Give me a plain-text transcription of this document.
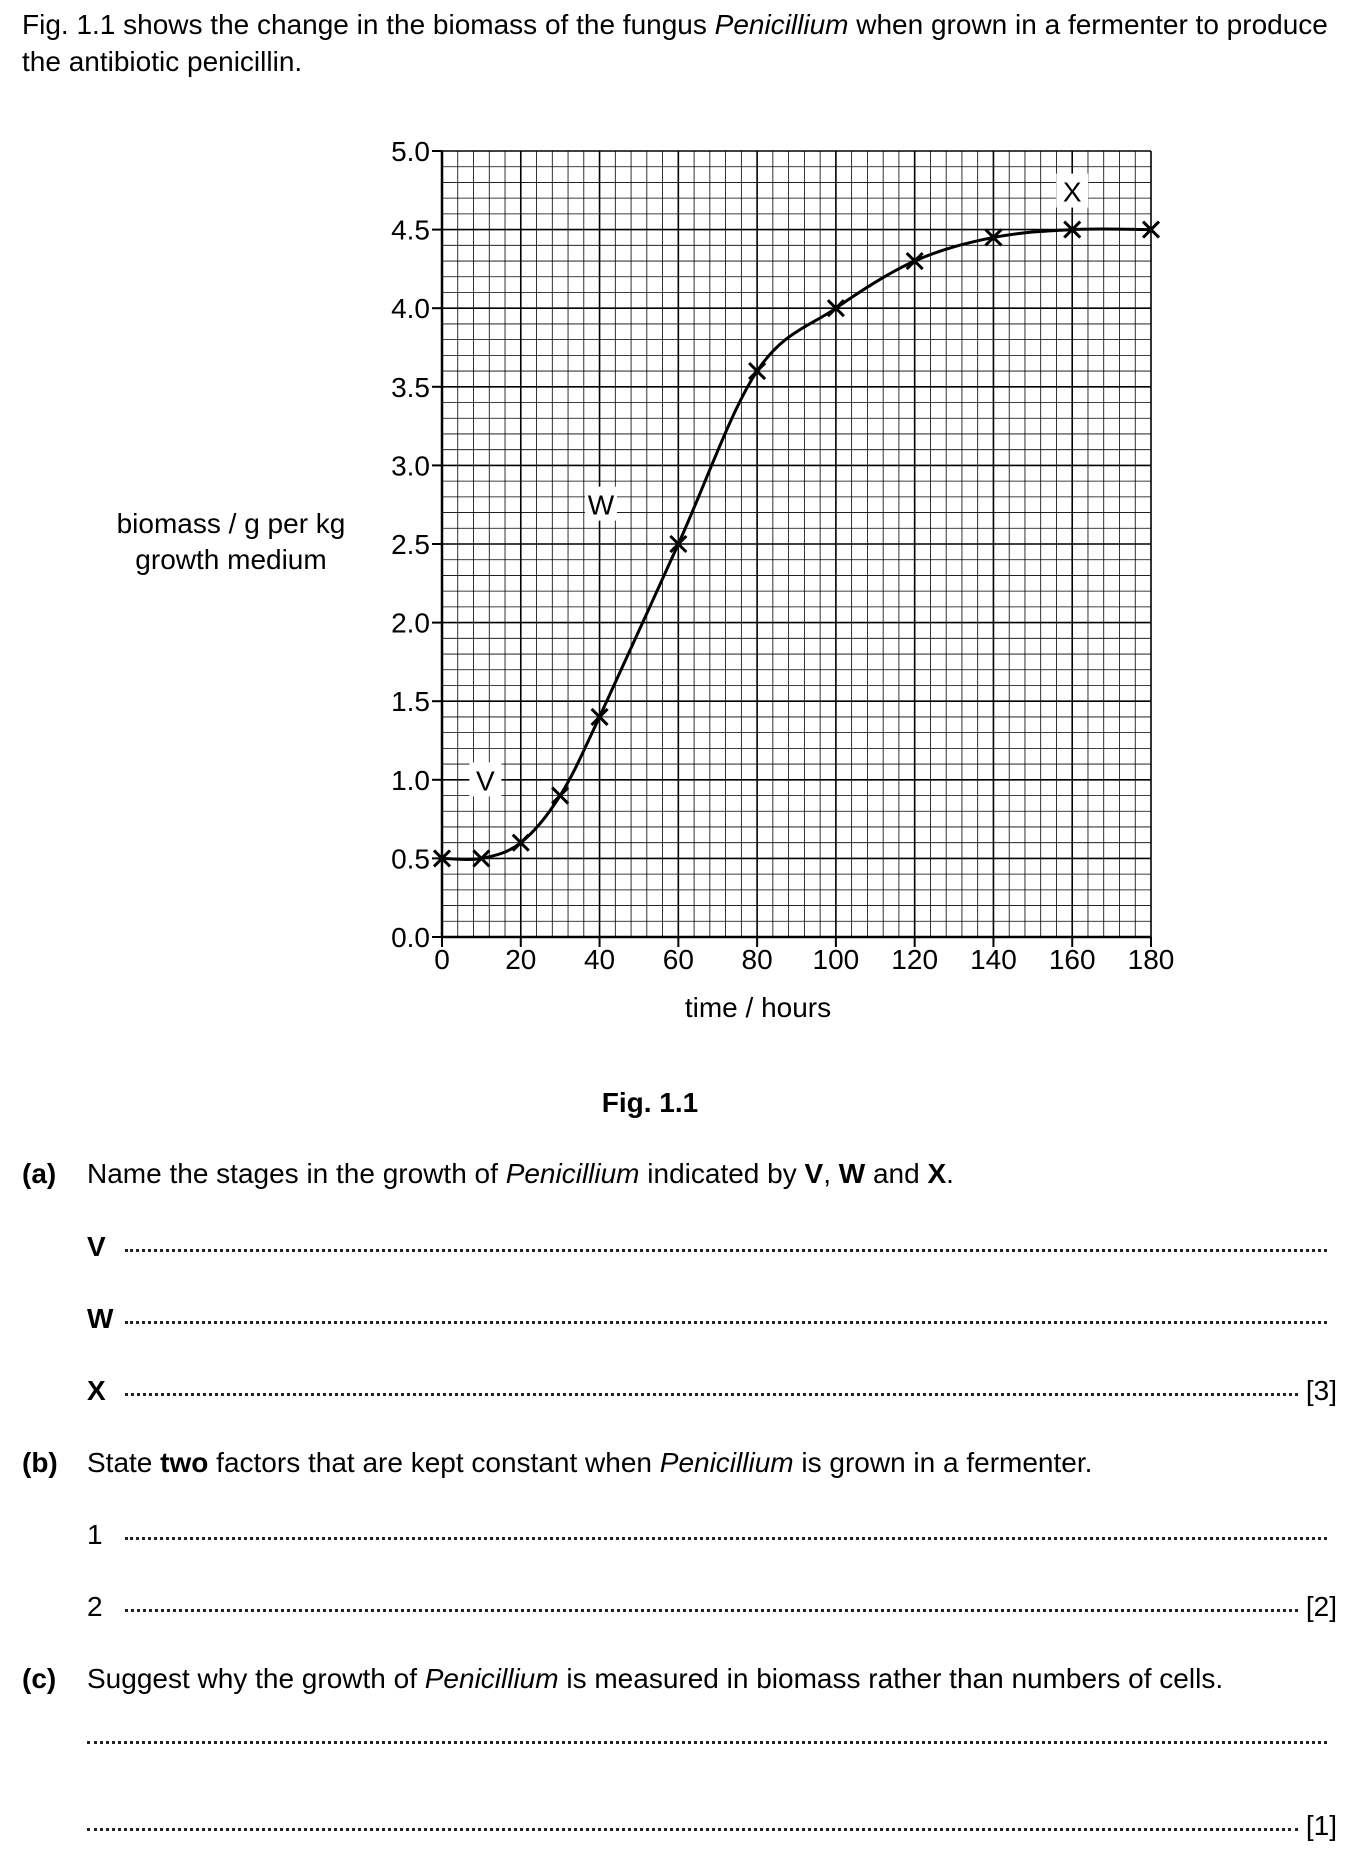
Fig. 1.1 shows the change in the biomass of the fungus Penicillium when grown in a fermenter to produce the antibiotic penicillin.
0.0
0.5
1.0
1.5
2.0
2.5
3.0
3.5
4.0
4.5
5.0
0 20 40 60 80 100 120 140 160 180
V
W
X
biomass / g per kg
growth medium
time / hours
Fig. 1.1
(a) Name the stages in the growth of Penicillium indicated by V, W and X.
V
W
X	[3]
(b) State two factors that are kept constant when Penicillium is grown in a fermenter.
1
2	[2]
(c) Suggest why the growth of Penicillium is measured in biomass rather than numbers of cells.
[1]
